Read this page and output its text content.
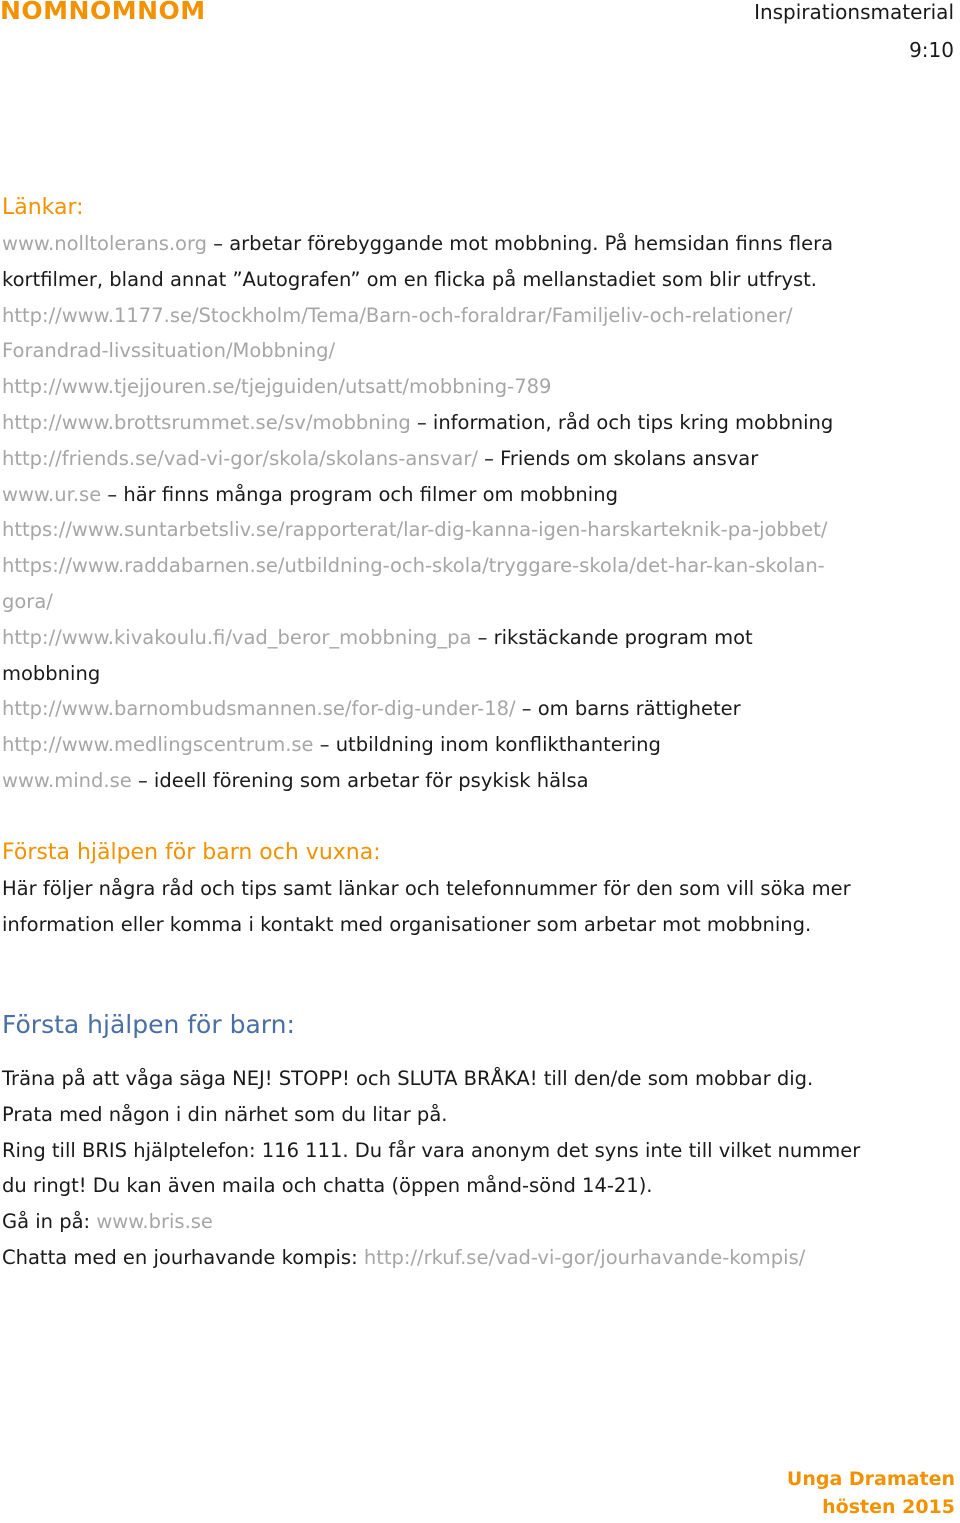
NOMNOMNOM	Inspirationsmaterial
9:10
Länkar:
www.nolltolerans.org – arbetar förebyggande mot mobbning. På hemsidan finns flera
kortfilmer, bland annat ”Autografen” om en flicka på mellanstadiet som blir utfryst.
http://www.1177.se/Stockholm/Tema/Barn-och-foraldrar/Familjeliv-och-relationer/
Forandrad-livssituation/Mobbning/
http://www.tjejjouren.se/tjejguiden/utsatt/mobbning-789
http://www.brottsrummet.se/sv/mobbning – information, råd och tips kring mobbning
http://friends.se/vad-vi-gor/skola/skolans-ansvar/ – Friends om skolans ansvar
www.ur.se – här finns många program och filmer om mobbning
https://www.suntarbetsliv.se/rapporterat/lar-dig-kanna-igen-harskarteknik-pa-jobbet/
https://www.raddabarnen.se/utbildning-och-skola/tryggare-skola/det-har-kan-skolan-
gora/
http://www.kivakoulu.fi/vad_beror_mobbning_pa – rikstäckande program mot
mobbning
http://www.barnombudsmannen.se/for-dig-under-18/ – om barns rättigheter
http://www.medlingscentrum.se – utbildning inom konflikthantering
www.mind.se – ideell förening som arbetar för psykisk hälsa
Första hjälpen för barn och vuxna:
Här följer några råd och tips samt länkar och telefonnummer för den som vill söka mer
information eller komma i kontakt med organisationer som arbetar mot mobbning.
Första hjälpen för barn:
Träna på att våga säga NEJ! STOPP! och SLUTA BRÅKA! till den/de som mobbar dig.
Prata med någon i din närhet som du litar på.
Ring till BRIS hjälptelefon: 116 111. Du får vara anonym det syns inte till vilket nummer
du ringt! Du kan även maila och chatta (öppen månd-sönd 14-21).
Gå in på: www.bris.se
Chatta med en jourhavande kompis: http://rkuf.se/vad-vi-gor/jourhavande-kompis/
Unga Dramaten
hösten 2015
